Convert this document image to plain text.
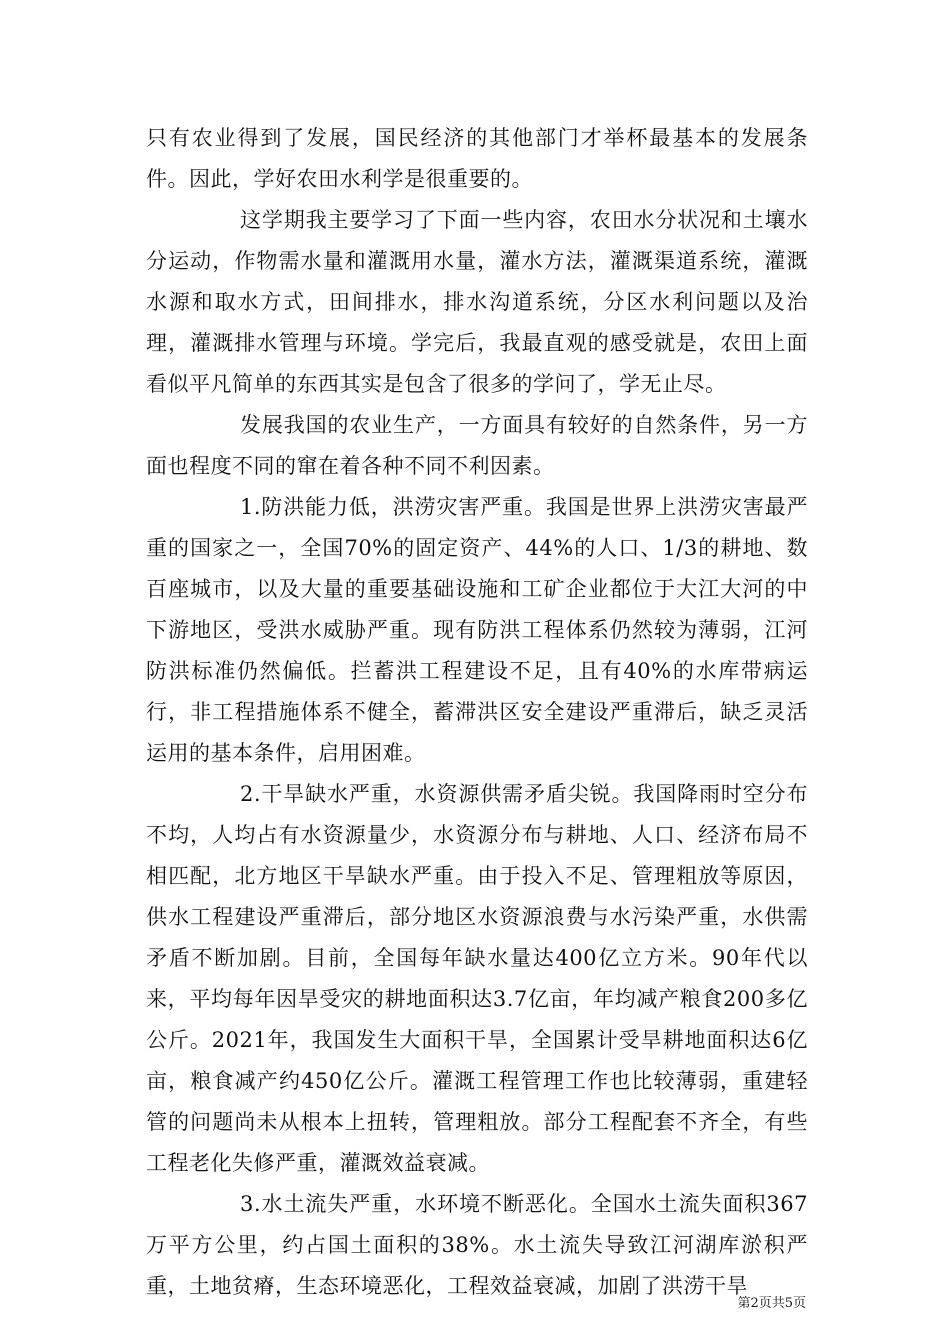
只有农业得到了发展，国民经济的其他部门才举杯最基本的发展条件。因此，学好农田水利学是很重要的。

这学期我主要学习了下面一些内容，农田水分状况和土壤水分运动，作物需水量和灌溉用水量，灌水方法，灌溉渠道系统，灌溉水源和取水方式，田间排水，排水沟道系统，分区水利问题以及治理，灌溉排水管理与环境。学完后，我最直观的感受就是，农田上面看似平凡简单的东西其实是包含了很多的学问了，学无止尽。

发展我国的农业生产，一方面具有较好的自然条件，另一方面也程度不同的窜在着各种不同不利因素。

1.防洪能力低，洪涝灾害严重。我国是世界上洪涝灾害最严重的国家之一，全国70%的固定资产、44%的人口、1/3的耕地、数百座城市，以及大量的重要基础设施和工矿企业都位于大江大河的中下游地区，受洪水威胁严重。现有防洪工程体系仍然较为薄弱，江河防洪标准仍然偏低。拦蓄洪工程建设不足，且有40%的水库带病运行，非工程措施体系不健全，蓄滞洪区安全建设严重滞后，缺乏灵活运用的基本条件，启用困难。

2.干旱缺水严重，水资源供需矛盾尖锐。我国降雨时空分布不均，人均占有水资源量少，水资源分布与耕地、人口、经济布局不相匹配，北方地区干旱缺水严重。由于投入不足、管理粗放等原因，供水工程建设严重滞后，部分地区水资源浪费与水污染严重，水供需矛盾不断加剧。目前，全国每年缺水量达400亿立方米。90年代以来，平均每年因旱受灾的耕地面积达3.7亿亩，年均减产粮食200多亿公斤。2021年，我国发生大面积干旱，全国累计受旱耕地面积达6亿亩，粮食减产约450亿公斤。灌溉工程管理工作也比较薄弱，重建轻管的问题尚未从根本上扭转，管理粗放。部分工程配套不齐全，有些工程老化失修严重，灌溉效益衰减。

3.水土流失严重，水环境不断恶化。全国水土流失面积367万平方公里，约占国土面积的38%。水土流失导致江河湖库淤积严重，土地贫瘠，生态环境恶化，工程效益衰减，加剧了洪涝干旱

第2页共5页
